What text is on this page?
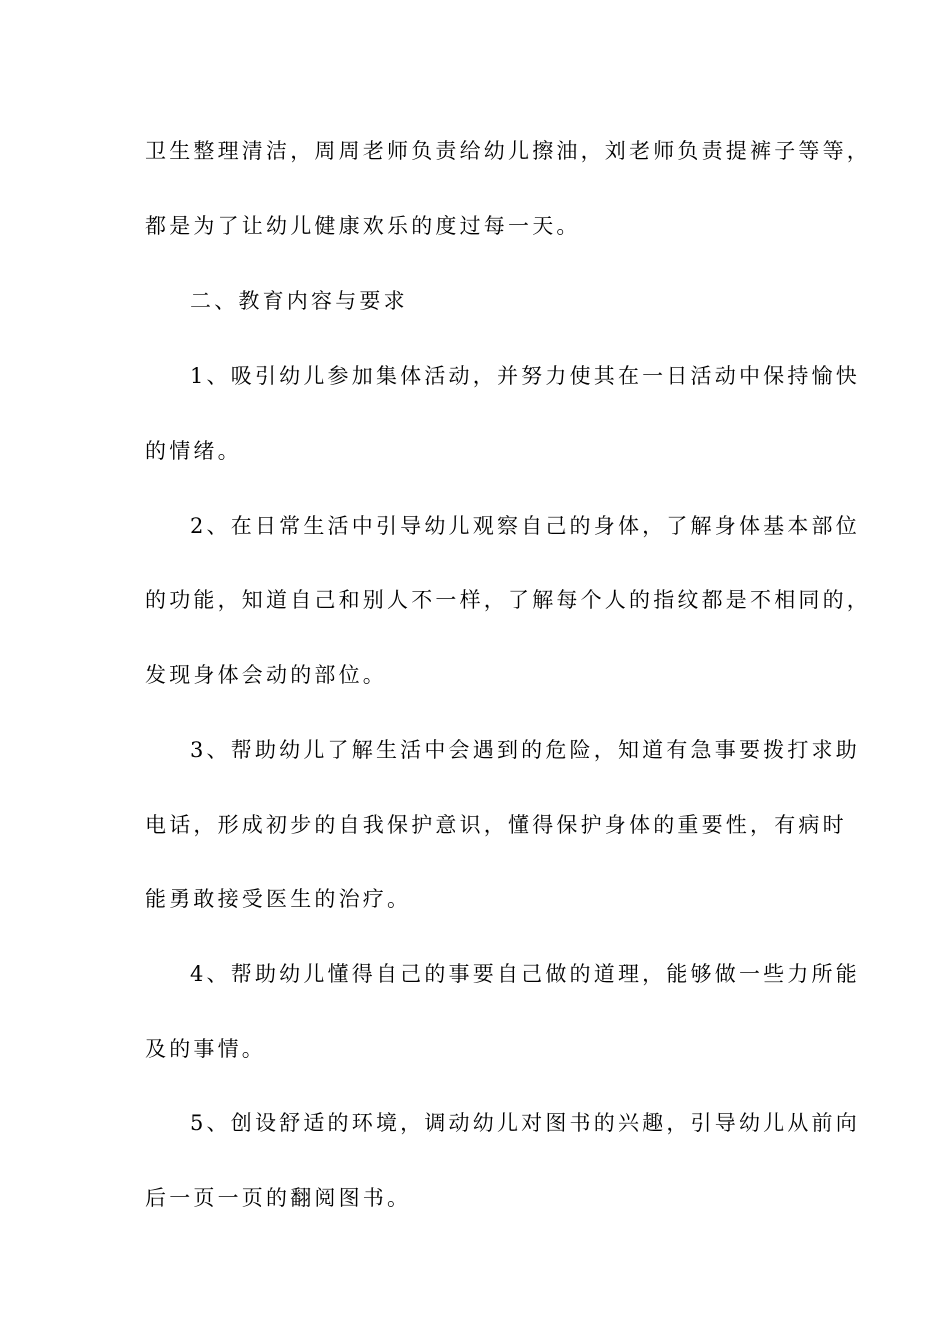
卫生整理清洁，周周老师负责给幼儿擦油，刘老师负责提裤子等等，

都是为了让幼儿健康欢乐的度过每一天。

二、教育内容与要求

1、吸引幼儿参加集体活动，并努力使其在一日活动中保持愉快

的情绪。

2、在日常生活中引导幼儿观察自己的身体，了解身体基本部位

的功能，知道自己和别人不一样，了解每个人的指纹都是不相同的，

发现身体会动的部位。

3、帮助幼儿了解生活中会遇到的危险，知道有急事要拨打求助

电话，形成初步的自我保护意识，懂得保护身体的重要性，有病时

能勇敢接受医生的治疗。

4、帮助幼儿懂得自己的事要自己做的道理，能够做一些力所能

及的事情。

5、创设舒适的环境，调动幼儿对图书的兴趣，引导幼儿从前向

后一页一页的翻阅图书。
